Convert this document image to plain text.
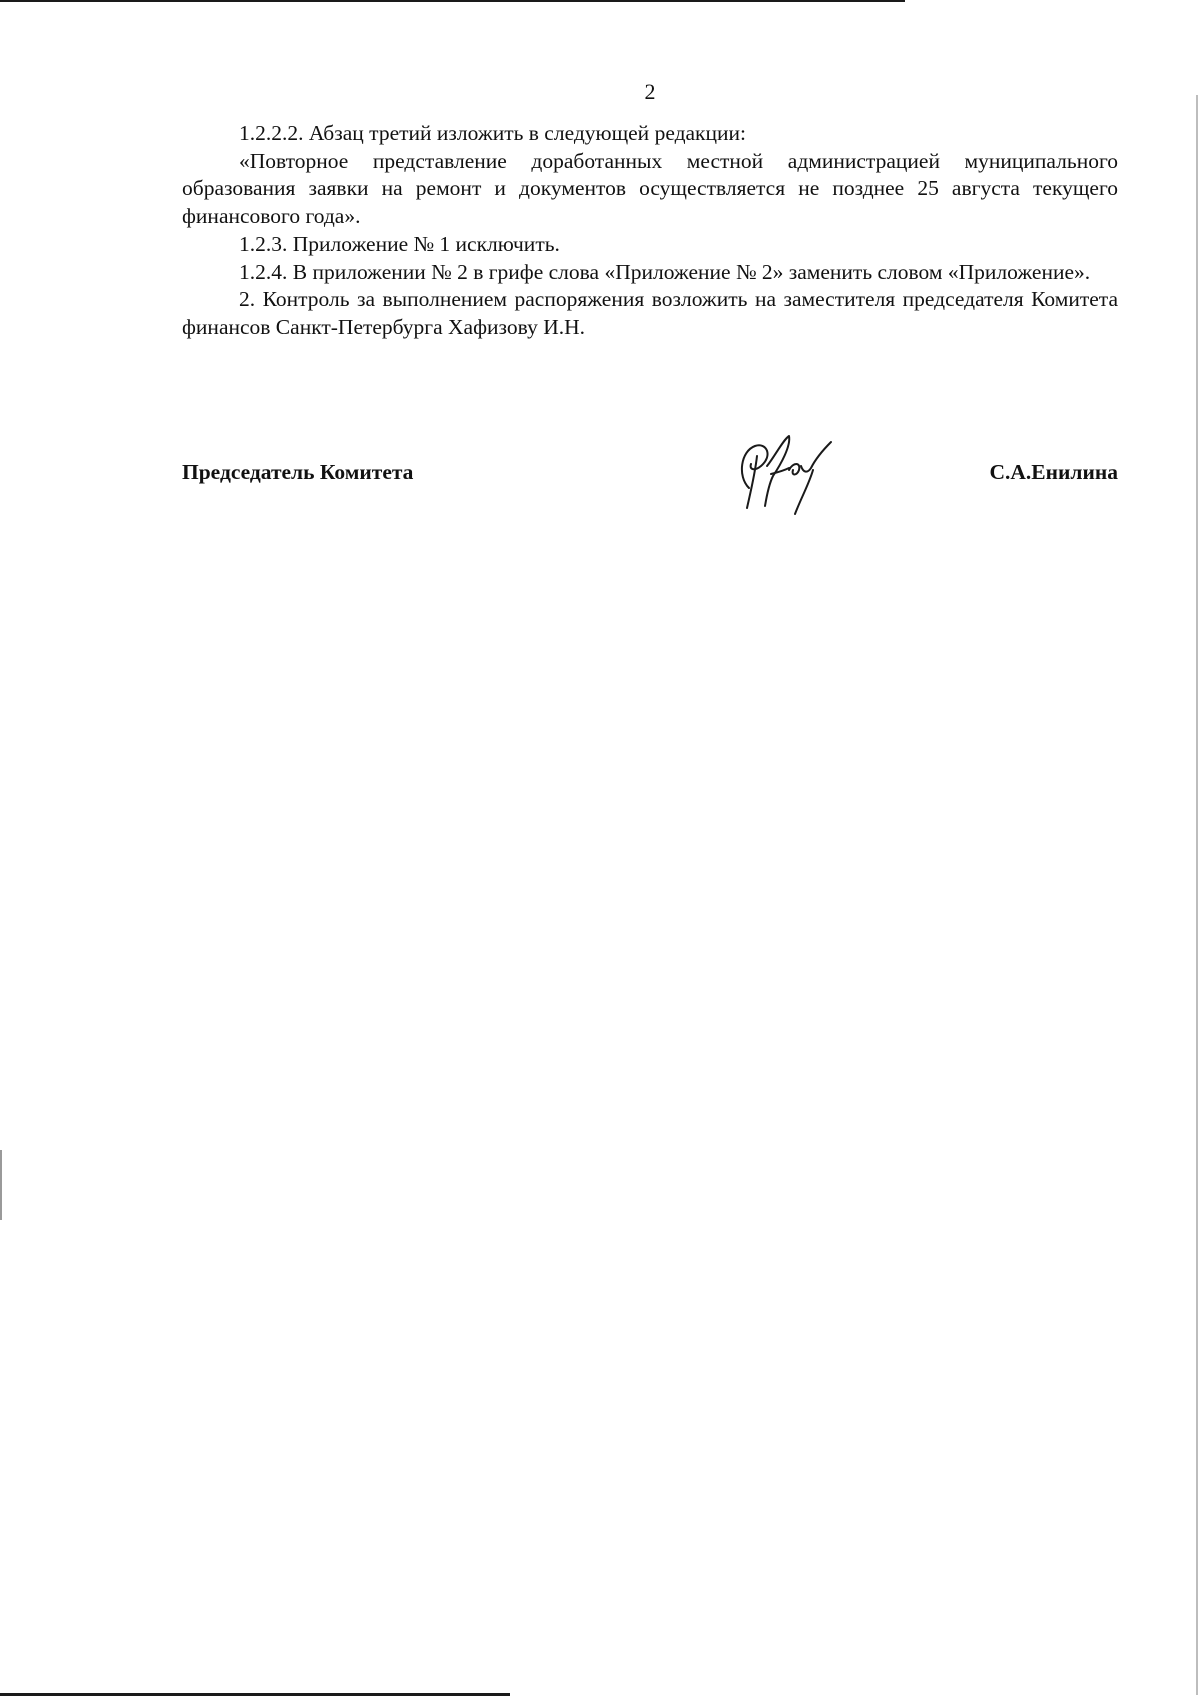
2

1.2.2.2. Абзац третий изложить в следующей редакции:

«Повторное представление доработанных местной администрацией муниципального образования заявки на ремонт и документов осуществляется не позднее 25 августа текущего финансового года».

1.2.3. Приложение № 1 исключить.

1.2.4. В приложении № 2 в грифе слова «Приложение № 2» заменить словом «Приложение».

2. Контроль за выполнением распоряжения возложить на заместителя председателя Комитета финансов Санкт-Петербурга Хафизову И.Н.

Председатель Комитета	С.А.Енилина
